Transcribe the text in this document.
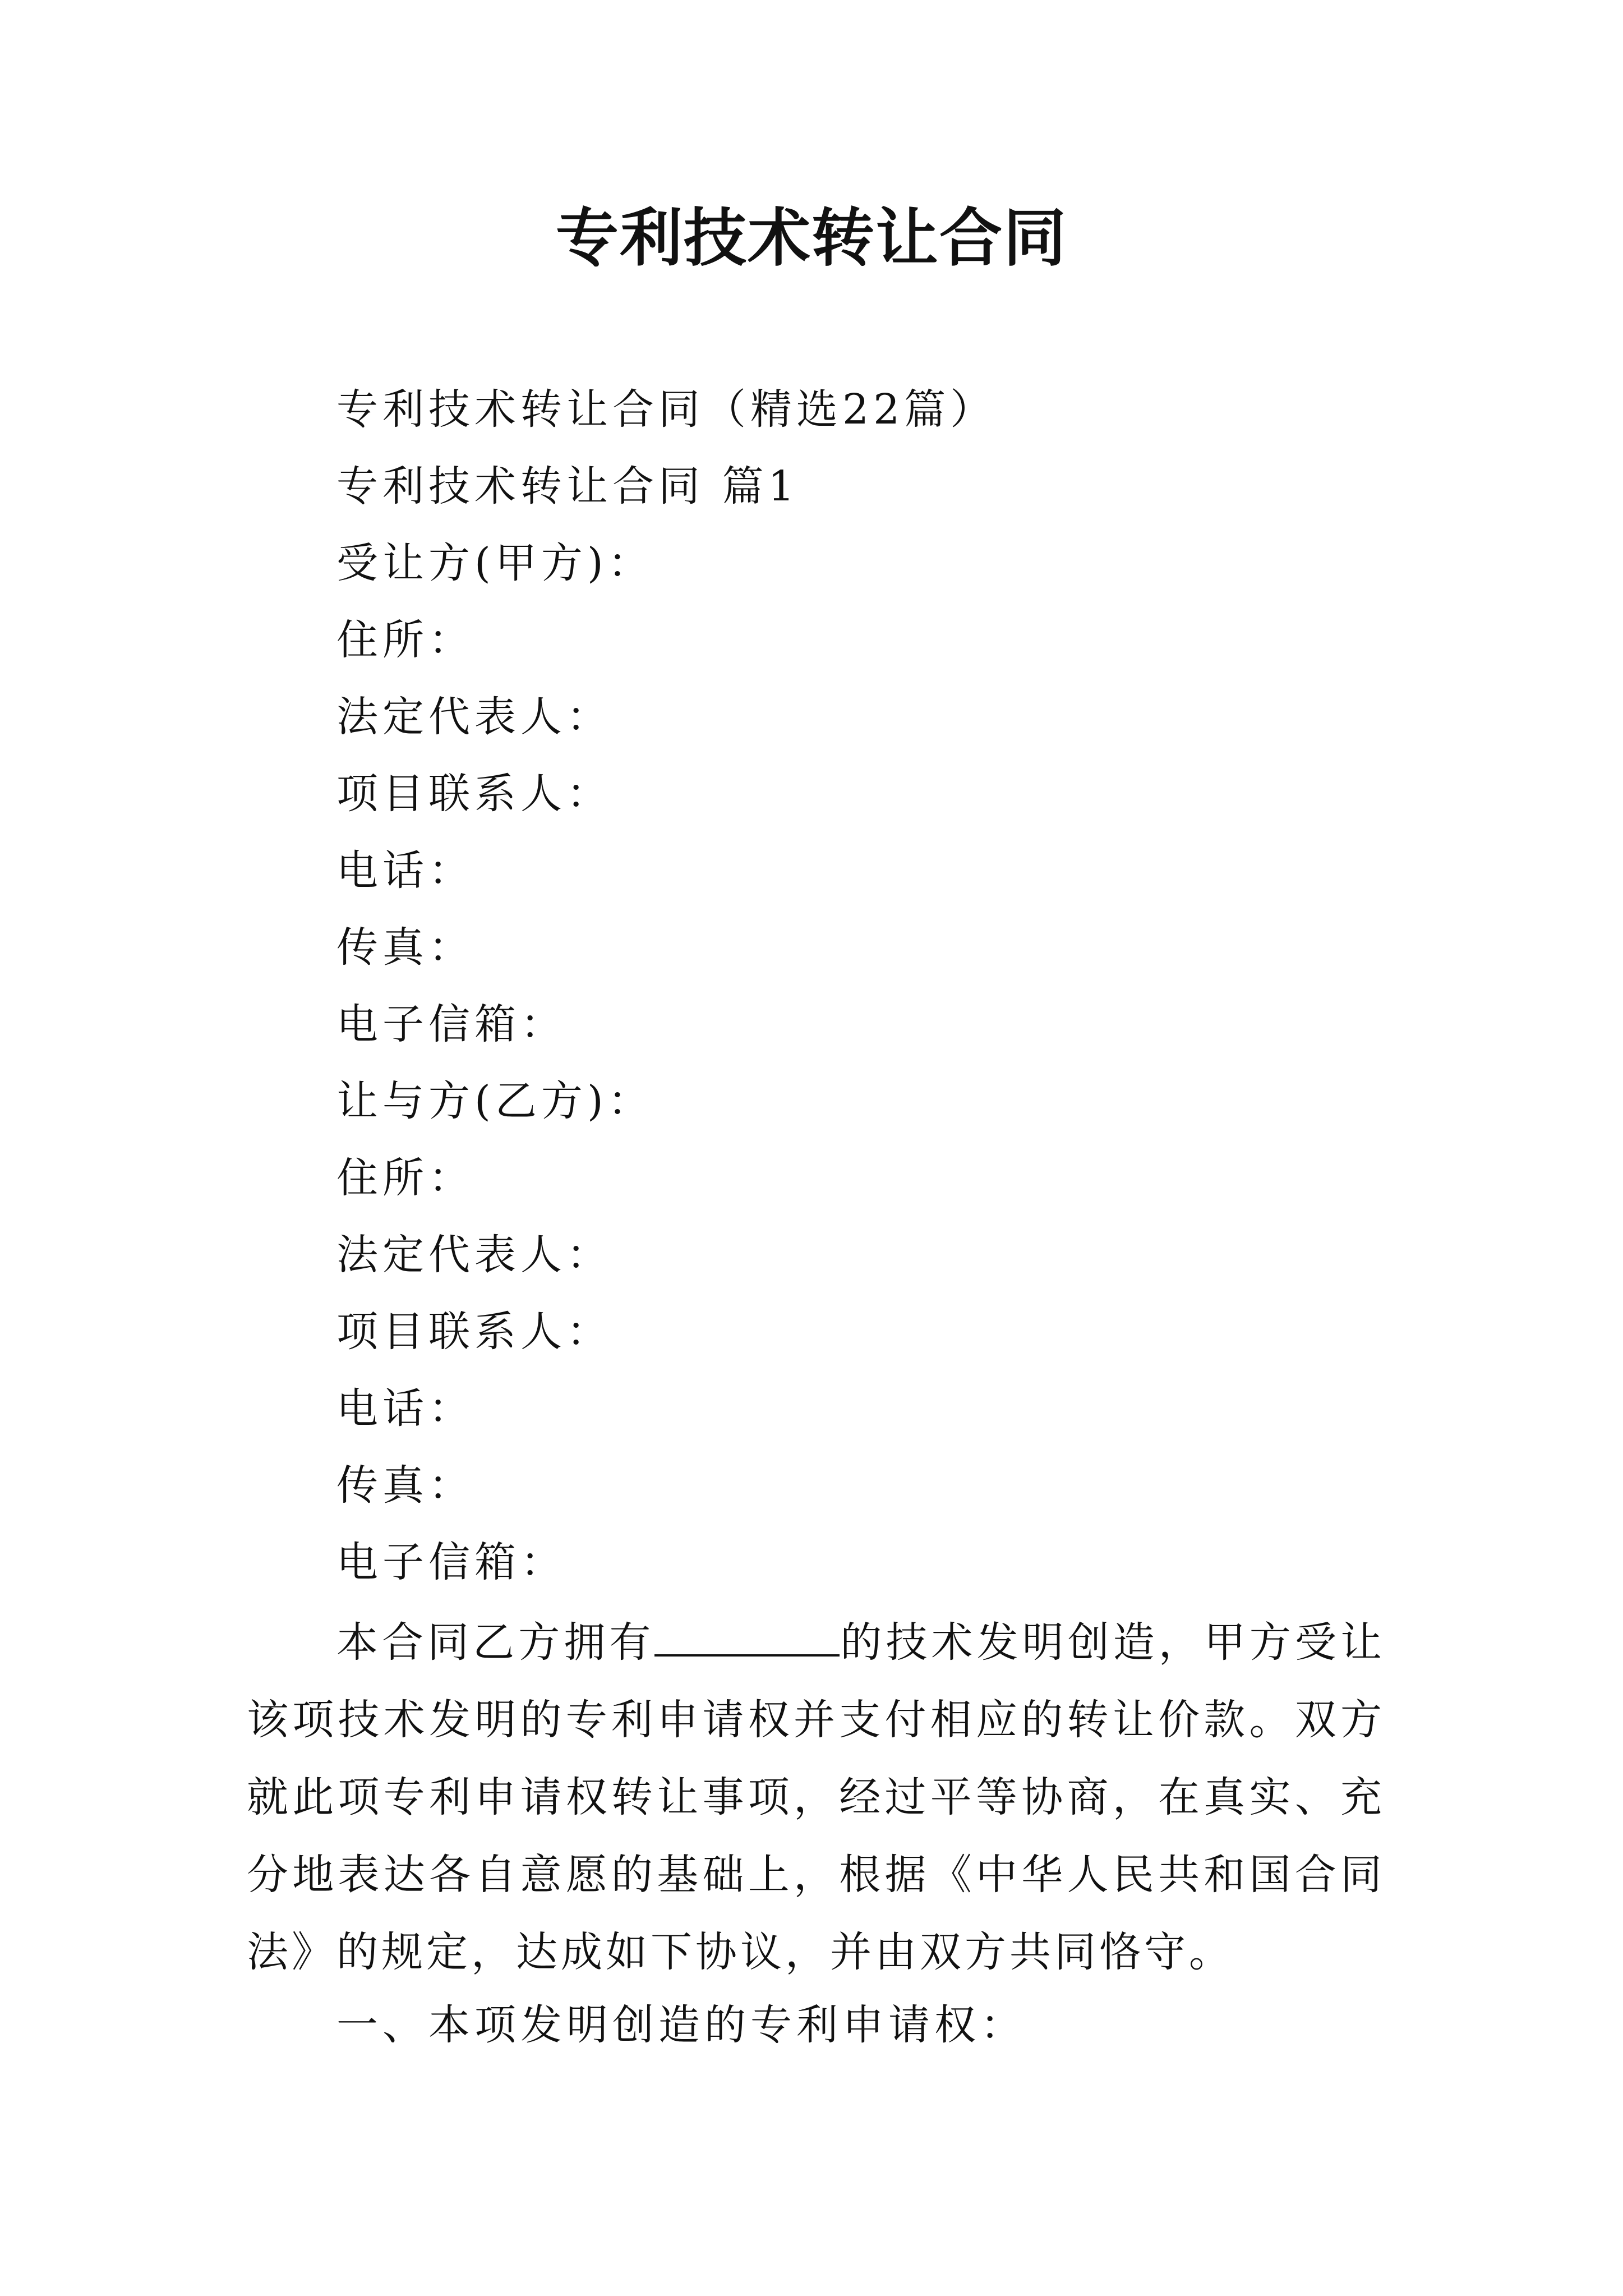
专利技术转让合同
专利技术转让合同（精选22篇）
专利技术转让合同 篇1
受让方(甲方)：
住所：
法定代表人：
项目联系人：
电话：
传真：
电子信箱：
让与方(乙方)：
住所：
法定代表人：
项目联系人：
电话：
传真：
电子信箱：
本合同乙方拥有	的技术发明创造，甲方受让该项技术发明的专利申请权并支付相应的转让价款。双方就此项专利申请权转让事项，经过平等协商，在真实、充分地表达各自意愿的基础上，根据《中华人民共和国合同法》的规定，达成如下协议，并由双方共同恪守。
一、本项发明创造的专利申请权：
